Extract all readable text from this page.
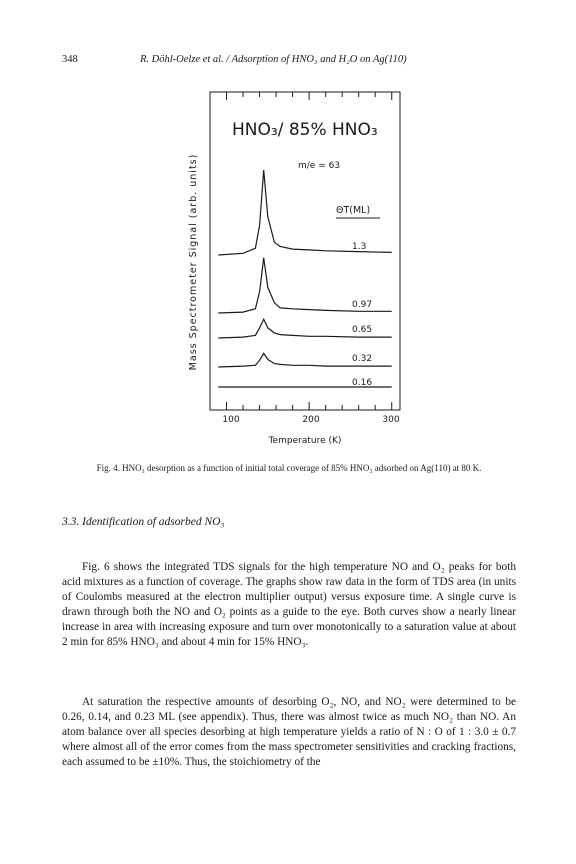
348	R. Döhl-Oelze et al. / Adsorption of HNO₃ and H₂O on Ag(110)
HNO₃/ 85% HNO₃
m/e = 63
ΘT(ML)
1.3
0.97
0.65
0.32
0.16
100	200	300
Temperature (K)
Mass Spectrometer Signal (arb. units)
Fig. 4. HNO₃ desorption as a function of initial total coverage of 85% HNO₃ adsorbed on Ag(110) at 80 K.
3.3. Identification of adsorbed NO₃
Fig. 6 shows the integrated TDS signals for the high temperature NO and O₂ peaks for both acid mixtures as a function of coverage. The graphs show raw data in the form of TDS area (in units of Coulombs measured at the electron multiplier output) versus exposure time. A single curve is drawn through both the NO and O₂ points as a guide to the eye. Both curves show a nearly linear increase in area with increasing exposure and turn over monotonically to a saturation value at about 2 min for 85% HNO₃ and about 4 min for 15% HNO₃.
At saturation the respective amounts of desorbing O₂, NO, and NO₂ were determined to be 0.26, 0.14, and 0.23 ML (see appendix). Thus, there was almost twice as much NO₂ than NO. An atom balance over all species desorbing at high temperature yields a ratio of N : O of 1 : 3.0 ± 0.7 where almost all of the error comes from the mass spectrometer sensitivities and cracking fractions, each assumed to be ±10%. Thus, the stoichiometry of the
